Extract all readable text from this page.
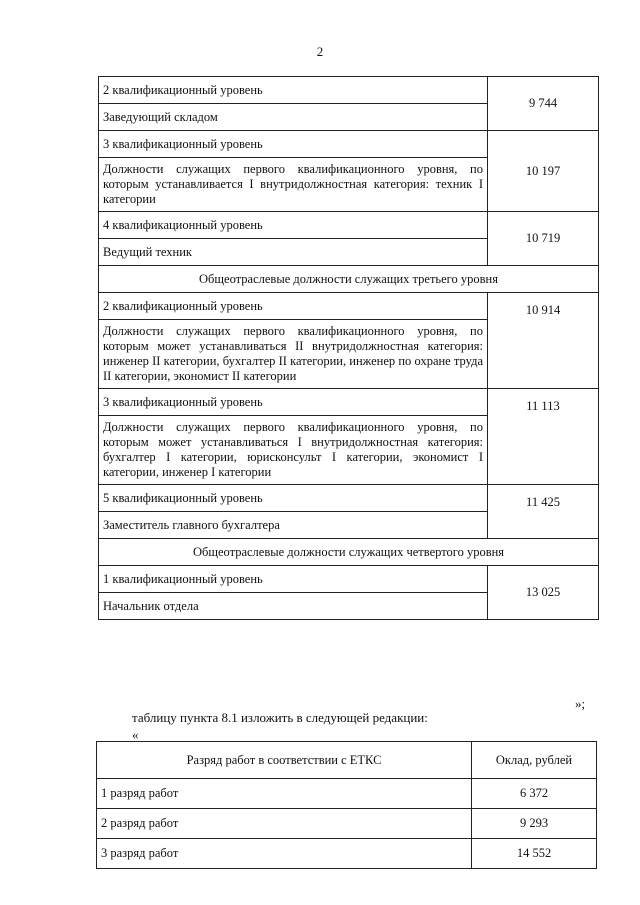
2
2 квалификационный уровень	9 744
Заведующий складом	
3 квалификационный уровень	10 197
Должности служащих первого квалификационного уровня, по которым устанавливается I внутридолжностная категория: техник I категории	
4 квалификационный уровень	10 719
Ведущий техник	
Общеотраслевые должности служащих третьего уровня	
2 квалификационный уровень	10 914
Должности служащих первого квалификационного уровня, по которым может устанавливаться II внутридолжностная категория: инженер II категории, бухгалтер II категории, инженер по охране труда II категории, экономист II категории	
3 квалификационный уровень	11 113
Должности служащих первого квалификационного уровня, по которым может устанавливаться I внутридолжностная категория: бухгалтер I категории, юрисконсульт I категории, экономист I категории, инженер I категории	
5 квалификационный уровень	11 425
Заместитель главного бухгалтера	
Общеотраслевые должности служащих четвертого уровня	
1 квалификационный уровень	13 025
Начальник отдела	
»;
таблицу пункта 8.1 изложить в следующей редакции:
«
Разряд работ в соответствии с ЕТКС	Оклад, рублей
1 разряд работ	6 372
2 разряд работ	9 293
3 разряд работ	14 552
